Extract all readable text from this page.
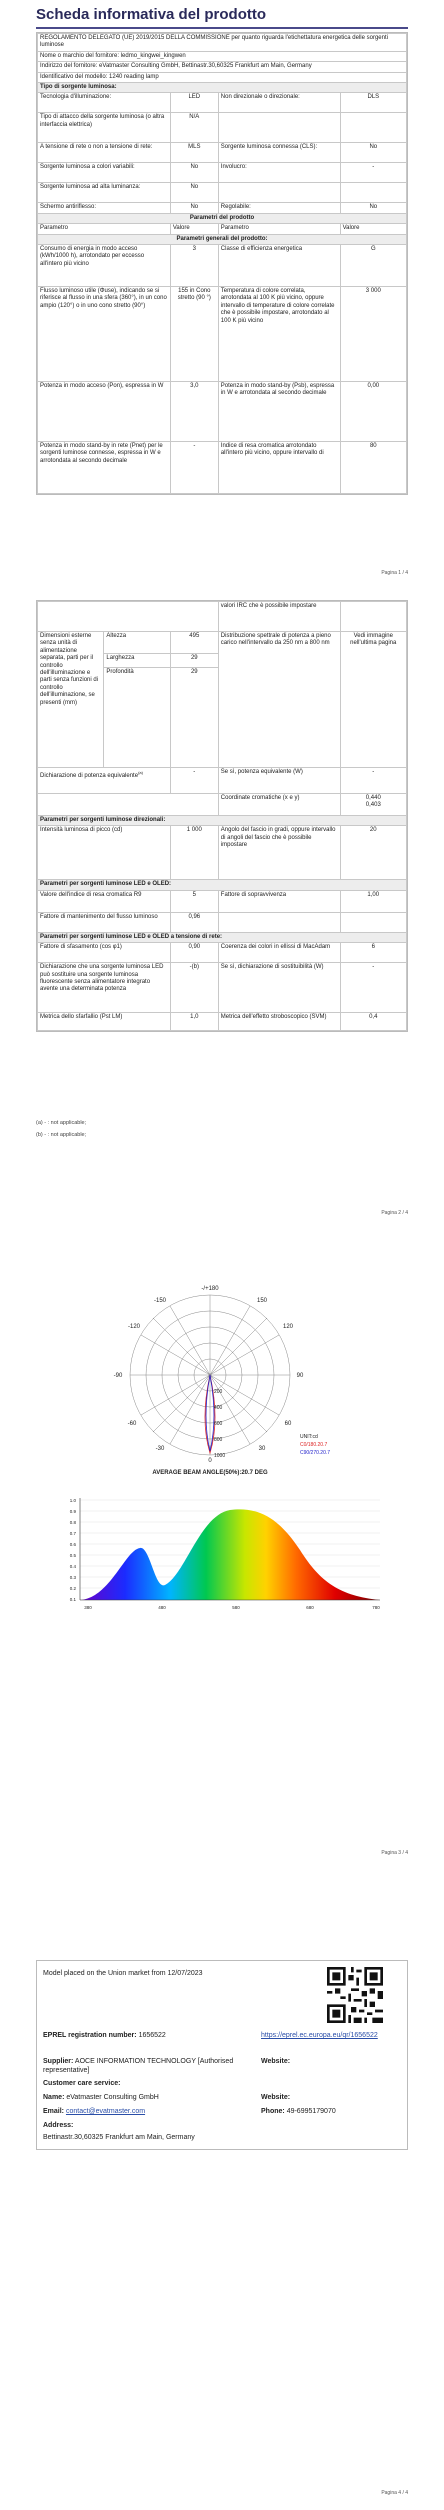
Scheda informativa del prodotto
REGOLAMENTO DELEGATO (UE) 2019/2015 DELLA COMMISSIONE per quanto riguarda l'etichettatura energetica delle sorgenti luminose			
Nome o marchio del fornitore: ledmo_kingwei_kingwen			
Indirizzo del fornitore: eVatmaster Consulting GmbH, Bettinastr.30,60325 Frankfurt am Main, Germany			
Identificativo del modello: 1240 reading lamp			
Tipo di sorgente luminosa:			
Tecnologia d'illuminazione:	LED	Non direzionale o direzionale:	DLS
Tipo di attacco della sorgente luminosa (o altra interfaccia elettrica)	N/A		
A tensione di rete o non a tensione di rete:	MLS	Sorgente luminosa connessa (CLS):	No
Sorgente luminosa a colori variabili:	No	Involucro:	-
Sorgente luminosa ad alta luminanza:	No		
Schermo antiriflesso:	No	Regolabile:	No
Parametri del prodotto			
Parametro	Valore	Parametro	Valore
Parametri generali del prodotto:			
Consumo di energia in modo acceso (kWh/1000 h), arrotondato per eccesso all'intero più vicino	3	Classe di efficienza energetica	G
Flusso luminoso utile (Φuse), indicando se si riferisce al flusso in una sfera (360°), in un cono ampio (120°) o in uno cono stretto (90°)	155 in Cono stretto (90 °)	Temperatura di colore correlata, arrotondata al 100 K più vicino, oppure intervallo di temperature di colore correlate che è possibile impostare, arrotondato al 100 K più vicino	3 000
Potenza in modo acceso (Pon), espressa in W	3,0	Potenza in modo stand-by (Psb), espressa in W e arrotondata al secondo decimale	0,00
Potenza in modo stand-by in rete (Pnet) per le sorgenti luminose connesse, espressa in W e arrotondata al secondo decimale	-	Indice di resa cromatica arrotondato all'intero più vicino, oppure intervallo di	80
Pagina 1 / 4
			valori IRC che è possibile impostare	
Dimensioni esterne senza unità di alimentazione separata, parti per il controllo dell'illuminazione e parti senza funzioni di controllo dell'illuminazione, se presenti (mm)	Altezza	495	Distribuzione spettrale di potenza a pieno carico nell'intervallo da 250 nm a 800 nm	Vedi immagine nell'ultima pagina
	Larghezza	29		
	Profondità	29		
Dichiarazione di potenza equivalente$^{(a)}$		-	Se sì, potenza equivalente (W)	-
			Coordinate cromatiche (x e y)	0,440
0,403

Parametri per sorgenti luminose direzionali:				
Intensità luminosa di picco (cd)		1 000	Angolo del fascio in gradi, oppure intervallo di angoli del fascio che è possibile impostare	20
Parametri per sorgenti luminose LED e OLED:				
Valore dell'indice di resa cromatica R9		5	Fattore di sopravvivenza	1,00
Fattore di mantenimento del flusso luminoso		0,96		
Parametri per sorgenti luminose LED e OLED a tensione di rete:				
Fattore di sfasamento (cos φ1)		0,90	Coerenza dei colori in ellissi di MacAdam	6
Dichiarazione che una sorgente luminosa LED può sostituire una sorgente luminosa fluorescente senza alimentatore integrato avente una determinata potenza		-(b)	Se sì, dichiarazione di sostituibilità (W)	-
Metrica dello sfarfallio (Pst LM)		1,0	Metrica dell'effetto stroboscopico (SVM)	0,4
(a) - : not applicable;
(b) - : not applicable;
Pagina 2 / 4
-/+180
-150	150
-120	120
-90	90
-60	60
-30	30
0
1000
800
600
400
200
UNIT:cd
C0/180.20.7
C90/270.20.7
AVERAGE BEAM ANGLE(50%):20.7 DEG
1.0
0.9
0.8
0.7
0.6
0.5
0.4
0.3
0.2
0.1
380	480	580	680	780
Pagina 3 / 4
Model placed on the Union market from 12/07/2023
EPREL registration number: 1656522	https://eprel.ec.europa.eu/qr/1656522
Supplier: AOCE INFORMATION TECHNOLOGY [Authorised representative]
Website:
Customer care service:
Name: eVatmaster Consulting GmbH	Website:
Email: contact@evatmaster.com	Phone: 49-6995179070
Address:
Bettinastr.30,60325 Frankfurt am Main, Germany
Pagina 4 / 4
